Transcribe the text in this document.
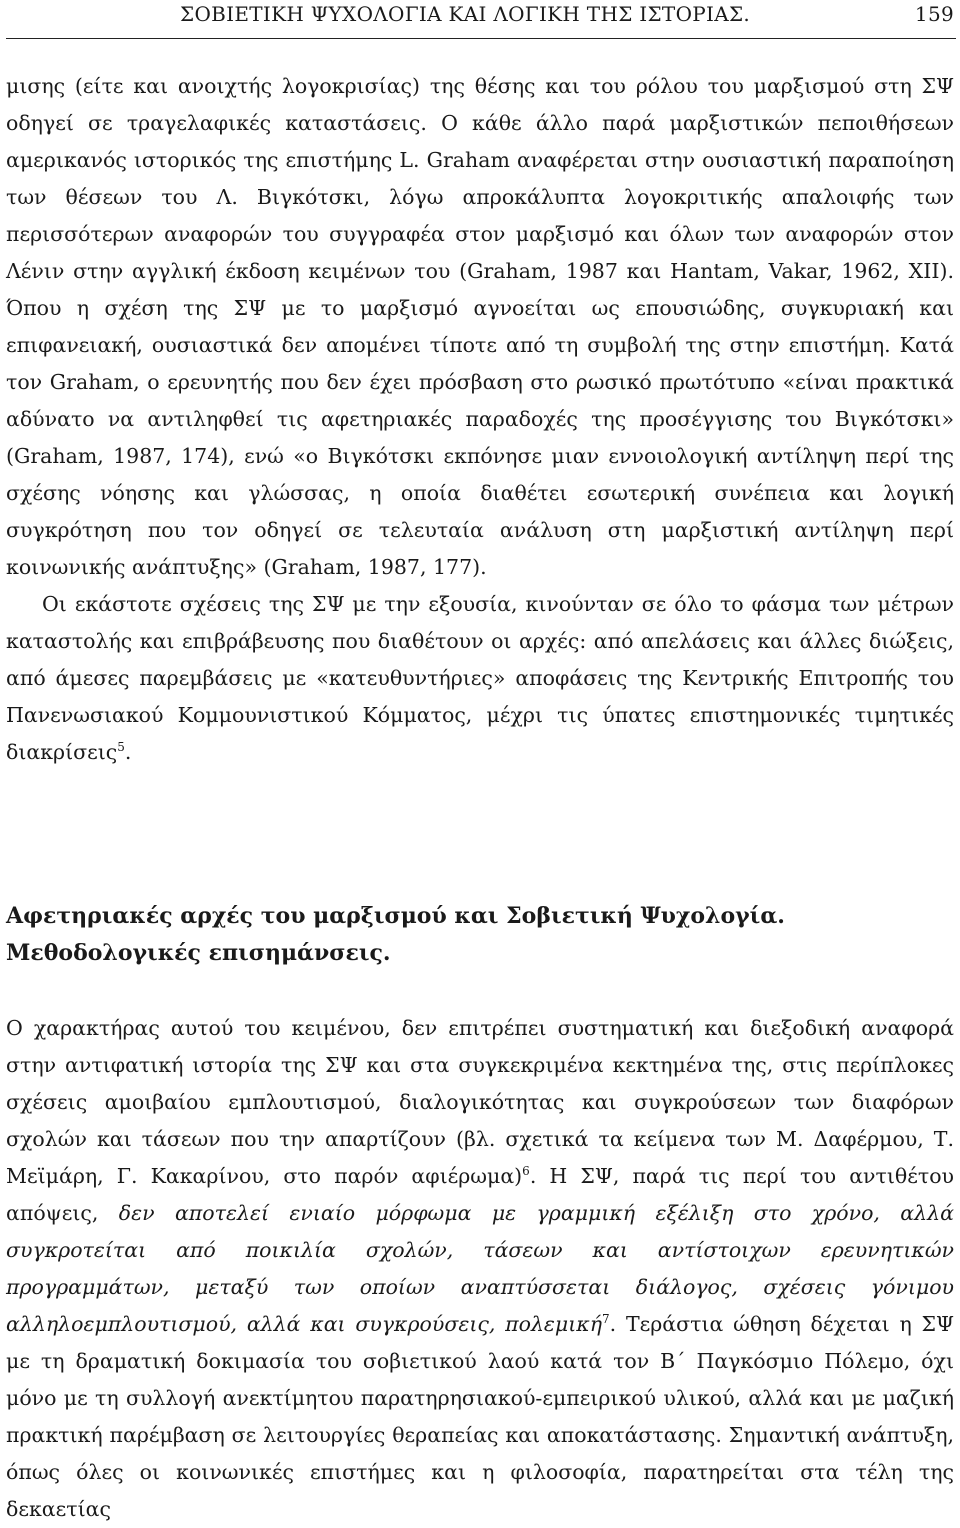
ΣΟΒΙΕΤΙΚΗ ΨΥΧΟΛΟΓΙΑ ΚΑΙ ΛΟΓΙΚΗ ΤΗΣ ΙΣΤΟΡΙΑΣ.	159

μισης (είτε και ανοιχτής λογοκρισίας) της θέσης και του ρόλου του μαρξισμού στη ΣΨ οδηγεί σε τραγελαφικές καταστάσεις. Ο κάθε άλλο παρά μαρξιστικών πεποιθήσεων αμερικανός ιστορικός της επιστήμης L. Graham αναφέρεται στην ουσιαστική παραποίηση των θέσεων του Λ. Βιγκότσκι, λόγω απροκάλυπτα λογοκριτικής απαλοιφής των περισσότερων αναφορών του συγγραφέα στον μαρξισμό και όλων των αναφορών στον Λένιν στην αγγλική έκδοση κειμένων του (Graham, 1987 και Hantam, Vakar, 1962, XII). Όπου η σχέση της ΣΨ με το μαρξισμό αγνοείται ως επουσιώδης, συγκυριακή και επιφανειακή, ουσιαστικά δεν απομένει τίποτε από τη συμβολή της στην επιστήμη. Κατά τον Graham, ο ερευνητής που δεν έχει πρόσβαση στο ρωσικό πρωτότυπο «είναι πρακτικά αδύνατο να αντιληφθεί τις αφετηριακές παραδοχές της προσέγγισης του Βιγκότσκι» (Graham, 1987, 174), ενώ «ο Βιγκότσκι εκπόνησε μιαν εννοιολογική αντίληψη περί της σχέσης νόησης και γλώσσας, η οποία διαθέτει εσωτερική συνέπεια και λογική συγκρότηση που τον οδηγεί σε τελευταία ανάλυση στη μαρξιστική αντίληψη περί κοινωνικής ανάπτυξης» (Graham, 1987, 177).

Οι εκάστοτε σχέσεις της ΣΨ με την εξουσία, κινούνταν σε όλο το φάσμα των μέτρων καταστολής και επιβράβευσης που διαθέτουν οι αρχές: από απελάσεις και άλλες διώξεις, από άμεσες παρεμβάσεις με «κατευθυντήριες» αποφάσεις της Κεντρικής Επιτροπής του Πανενωσιακού Κομμουνιστικού Κόμματος, μέχρι τις ύπατες επιστημονικές τιμητικές διακρίσεις$^5$.

Αφετηριακές αρχές του μαρξισμού και Σοβιετική Ψυχολογία.
Μεθοδολογικές επισημάνσεις.

Ο χαρακτήρας αυτού του κειμένου, δεν επιτρέπει συστηματική και διεξοδική αναφορά στην αντιφατική ιστορία της ΣΨ και στα συγκεκριμένα κεκτημένα της, στις περίπλοκες σχέσεις αμοιβαίου εμπλουτισμού, διαλογικότητας και συγκρούσεων των διαφόρων σχολών και τάσεων που την απαρτίζουν (βλ. σχετικά τα κείμενα των Μ. Δαφέρμου, Τ. Μεϊμάρη, Γ. Κακαρίνου, στο παρόν αφιέρωμα)$^6$. Η ΣΨ, παρά τις περί του αντιθέτου απόψεις, δεν αποτελεί ενιαίο μόρφωμα με γραμμική εξέλιξη στο χρόνο, αλλά συγκροτείται από ποικιλία σχολών, τάσεων και αντίστοιχων ερευνητικών προγραμμάτων, μεταξύ των οποίων αναπτύσσεται διάλογος, σχέσεις γόνιμου αλληλοεμπλουτισμού, αλλά και συγκρούσεις, πολεμική$^7$. Τεράστια ώθηση δέχεται η ΣΨ με τη δραματική δοκιμασία του σοβιετικού λαού κατά τον Β΄ Παγκόσμιο Πόλεμο, όχι μόνο με τη συλλογή ανεκτίμητου παρατηρησιακού-εμπειρικού υλικού, αλλά και με μαζική πρακτική παρέμβαση σε λειτουργίες θεραπείας και αποκατάστασης. Σημαντική ανάπτυξη, όπως όλες οι κοινωνικές επιστήμες και η φιλοσοφία, παρατηρείται στα τέλη της δεκαετίας
